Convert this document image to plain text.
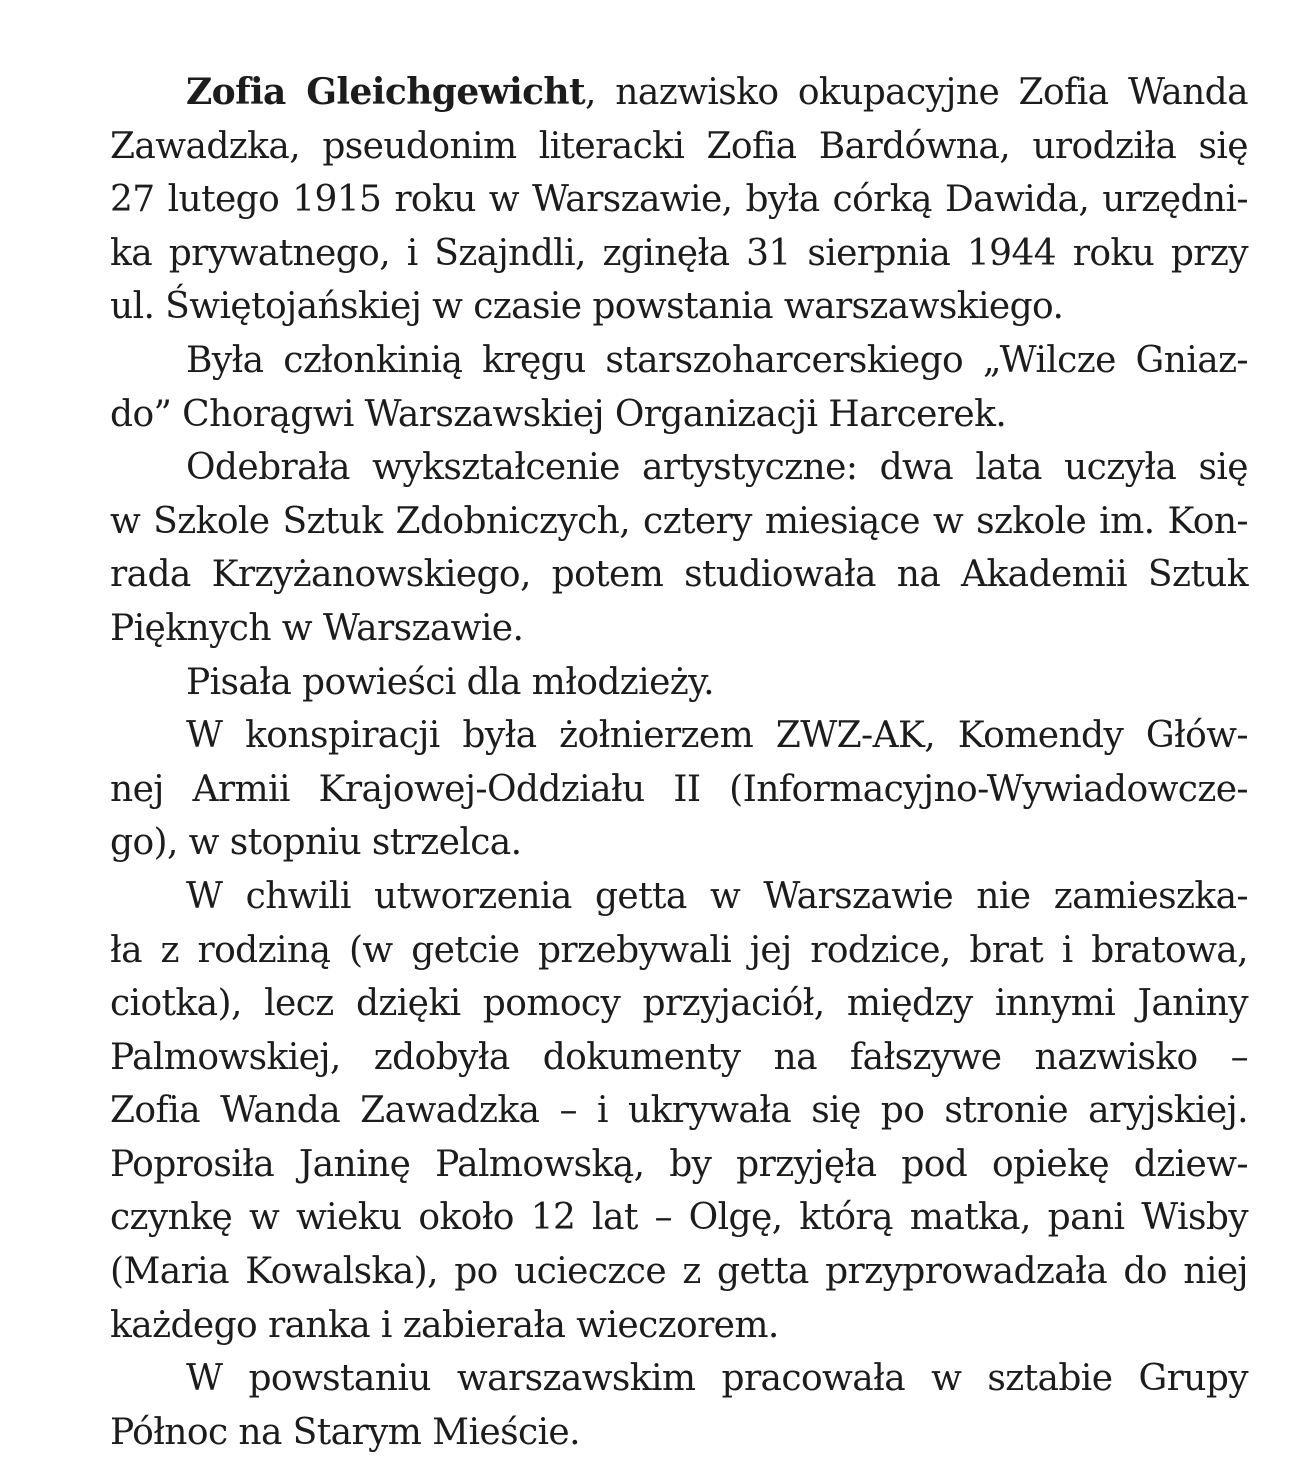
Zofia Gleichgewicht, nazwisko okupacyjne Zofia Wanda
Zawadzka, pseudonim literacki Zofia Bardówna, urodziła się
27 lutego 1915 roku w Warszawie, była córką Dawida, urzędni-
ka prywatnego, i Szajndli, zginęła 31 sierpnia 1944 roku przy
ul. Świętojańskiej w czasie powstania warszawskiego.
Była członkinią kręgu starszoharcerskiego „Wilcze Gniaz-
do” Chorągwi Warszawskiej Organizacji Harcerek.
Odebrała wykształcenie artystyczne: dwa lata uczyła się
w Szkole Sztuk Zdobniczych, cztery miesiące w szkole im. Kon-
rada Krzyżanowskiego, potem studiowała na Akademii Sztuk
Pięknych w Warszawie.
Pisała powieści dla młodzieży.
W konspiracji była żołnierzem ZWZ-AK, Komendy Głów-
nej Armii Krajowej-Oddziału II (Informacyjno-Wywiadowcze-
go), w stopniu strzelca.
W chwili utworzenia getta w Warszawie nie zamieszka-
ła z rodziną (w getcie przebywali jej rodzice, brat i bratowa,
ciotka), lecz dzięki pomocy przyjaciół, między innymi Janiny
Palmowskiej, zdobyła dokumenty na fałszywe nazwisko –
Zofia Wanda Zawadzka – i ukrywała się po stronie aryjskiej.
Poprosiła Janinę Palmowską, by przyjęła pod opiekę dziew-
czynkę w wieku około 12 lat – Olgę, którą matka, pani Wisby
(Maria Kowalska), po ucieczce z getta przyprowadzała do niej
każdego ranka i zabierała wieczorem.
W powstaniu warszawskim pracowała w sztabie Grupy
Północ na Starym Mieście.
